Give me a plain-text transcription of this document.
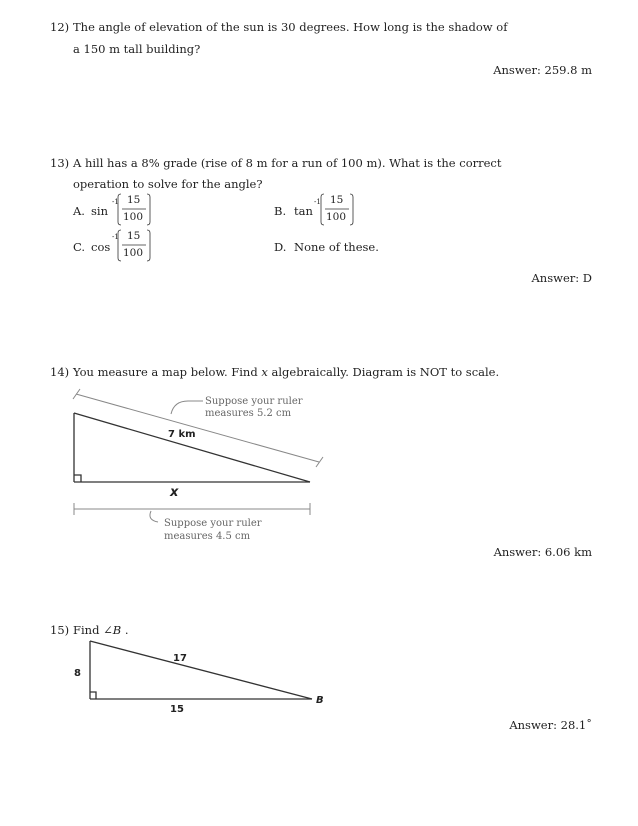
12) The angle of elevation of the sun is 30 degrees. How long is the shadow of
a 150 m tall building?
Answer: 259.8 m
13) A hill has a 8% grade (rise of 8 m for a run of 100 m). What is the correct
operation to solve for the angle?
A. sin
-1 15
100	B. tan
-1 15
100
C. cos
-1 15
100	D. None of these.
Answer: D
14) You measure a map below. Find x algebraically. Diagram is NOT to scale.
7 km
x
Suppose your ruler
measures 5.2 cm
Suppose your ruler
measures 4.5 cm
Answer: 6.06 km
15) Find ∠B .
8
17
15
B
Answer: 28.1˚
